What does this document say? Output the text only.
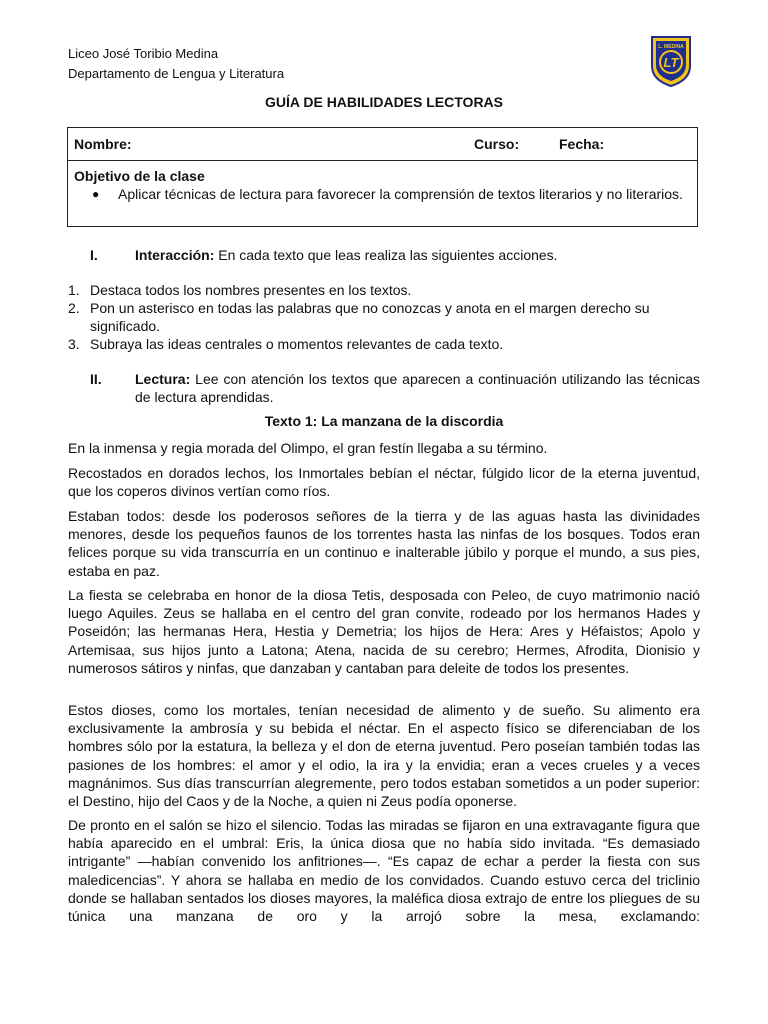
Liceo José Toribio Medina
Departamento de Lengua y Literatura
L. MEDINA
LT
GUÍA DE HABILIDADES LECTORAS
Nombre:	Curso:	Fecha:
Objetivo de la clase
●	Aplicar técnicas de lectura para favorecer la comprensión de textos literarios y no literarios.
I.	Interacción: En cada texto que leas realiza las siguientes acciones.
1. Destaca todos los nombres presentes en los textos.
2. Pon un asterisco en todas las palabras que no conozcas y anota en el margen derecho su significado.
3. Subraya las ideas centrales o momentos relevantes de cada texto.
II.	Lectura: Lee con atención los textos que aparecen a continuación utilizando las técnicas de lectura aprendidas.
Texto 1: La manzana de la discordia

En la inmensa y regia morada del Olimpo, el gran festín llegaba a su término.

Recostados en dorados lechos, los Inmortales bebían el néctar, fúlgido licor de la eterna juventud, que los coperos divinos vertían como ríos.

Estaban todos: desde los poderosos señores de la tierra y de las aguas hasta las divinidades menores, desde los pequeños faunos de los torrentes hasta las ninfas de los bosques. Todos eran felices porque su vida transcurría en un continuo e inalterable júbilo y porque el mundo, a sus pies, estaba en paz.

La fiesta se celebraba en honor de la diosa Tetis, desposada con Peleo, de cuyo matrimonio nació luego Aquiles. Zeus se hallaba en el centro del gran convite, rodeado por los hermanos Hades y Poseidón; las hermanas Hera, Hestia y Demetria; los hijos de Hera: Ares y Héfaistos; Apolo y Artemisaa, sus hijos junto a Latona; Atena, nacida de su cerebro; Hermes, Afrodita, Dionisio y numerosos sátiros y ninfas, que danzaban y cantaban para deleite de todos los presentes.

Estos dioses, como los mortales, tenían necesidad de alimento y de sueño. Su alimento era exclusivamente la ambrosía y su bebida el néctar. En el aspecto físico se diferenciaban de los hombres sólo por la estatura, la belleza y el don de eterna juventud. Pero poseían también todas las pasiones de los hombres: el amor y el odio, la ira y la envidia; eran a veces crueles y a veces magnánimos. Sus días transcurrían alegremente, pero todos estaban sometidos a un poder superior: el Destino, hijo del Caos y de la Noche, a quien ni Zeus podía oponerse.

De pronto en el salón se hizo el silencio. Todas las miradas se fijaron en una extravagante figura que había aparecido en el umbral: Eris, la única diosa que no había sido invitada. “Es demasiado intrigante” —habían convenido los anfitriones—. “Es capaz de echar a perder la fiesta con sus maledicencias”. Y ahora se hallaba en medio de los convidados. Cuando estuvo cerca del triclinio donde se hallaban sentados los dioses mayores, la maléfica diosa extrajo de entre los pliegues de su túnica una manzana de oro y la arrojó sobre la mesa, exclamando:
